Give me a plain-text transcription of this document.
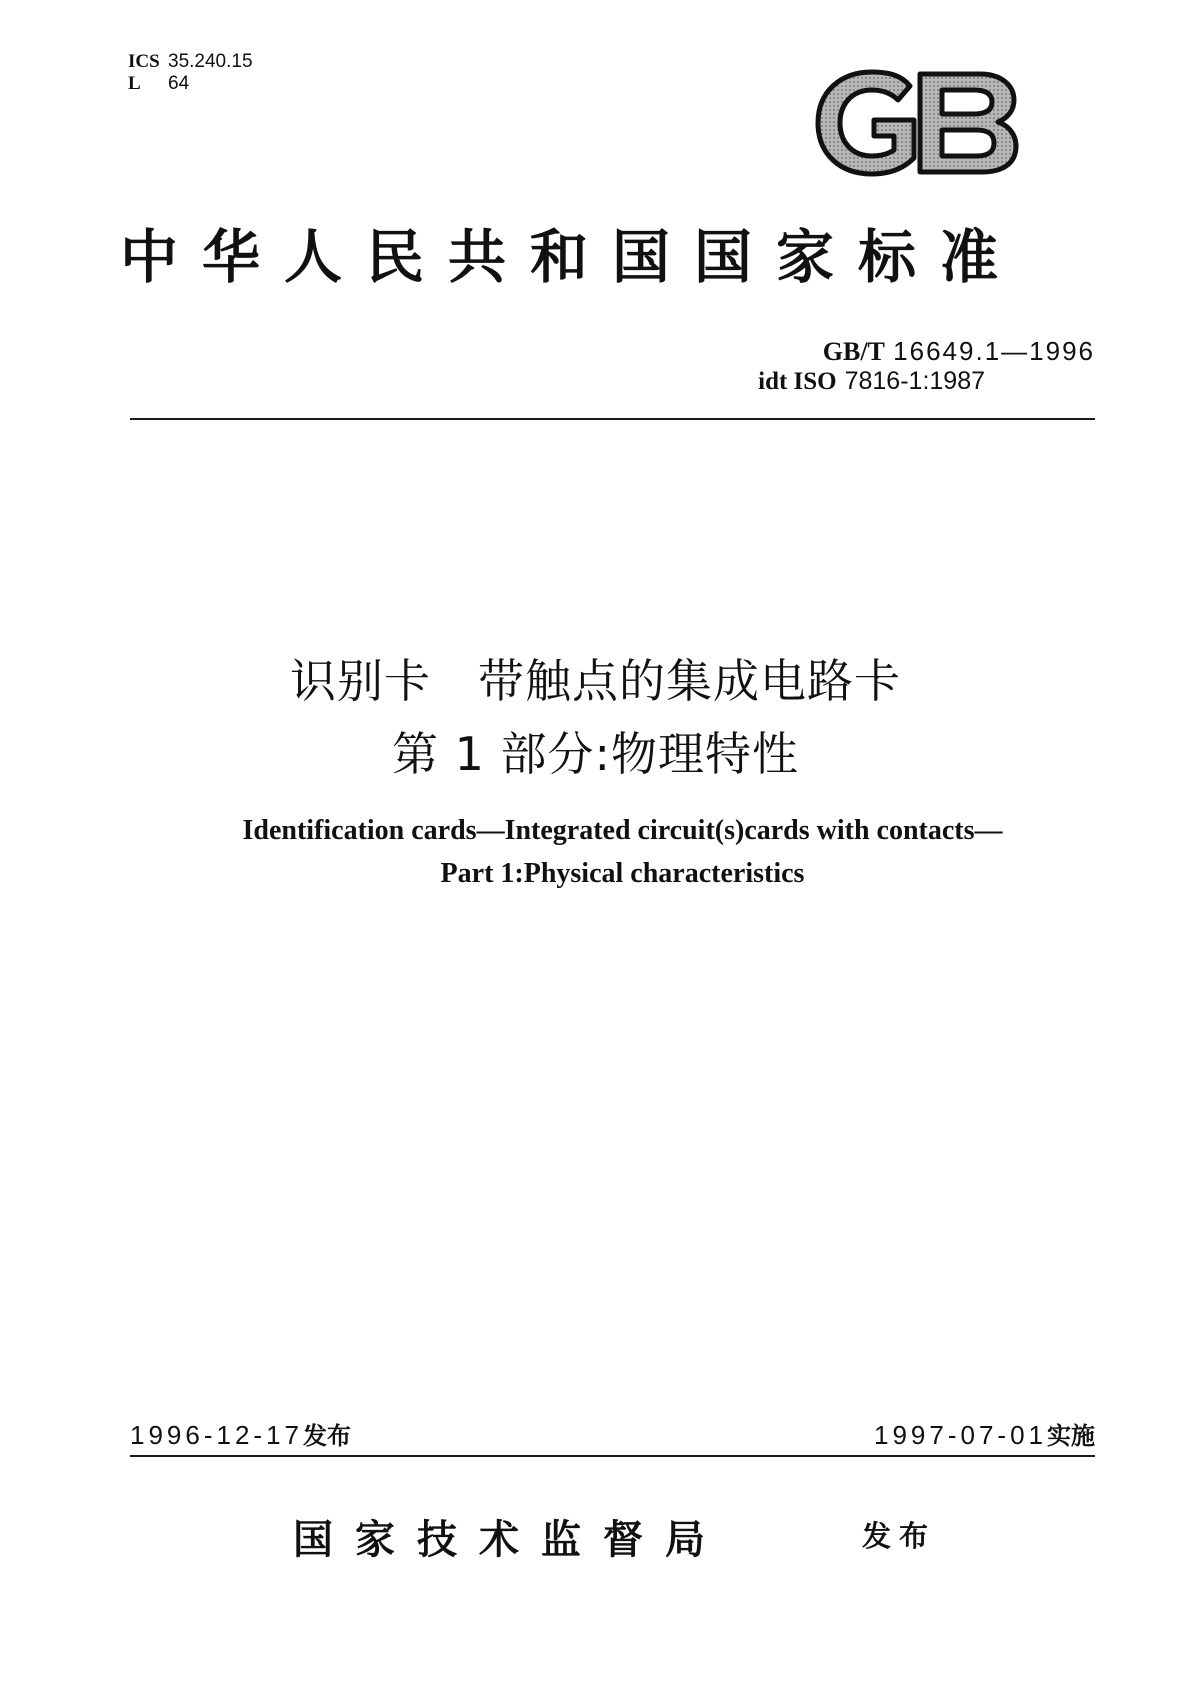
ICS 35.240.15
L 64
中华人民共和国国家标准
GB/T 16649.1—1996
idt ISO 7816-1:1987
识别卡　带触点的集成电路卡
第 1 部分:物理特性
Identification cards—Integrated circuit(s)cards with contacts—
Part 1:Physical characteristics
1996-12-17发布	1997-07-01实施
国家技术监督局	发布
